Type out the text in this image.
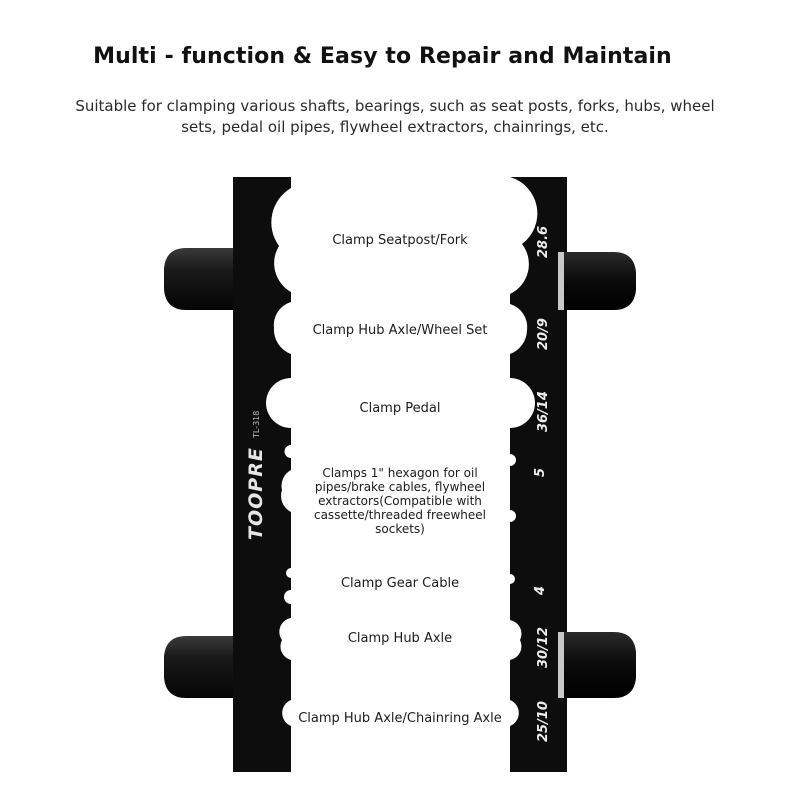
Multi - function & Easy to Repair and Maintain
Suitable for clamping various shafts, bearings, such as seat posts, forks, hubs, wheel sets, pedal oil pipes, flywheel extractors, chainrings, etc.
TOOPRE
TL-318
28.6
20/9
36/14
5
4
30/12
25/10
Clamp Seatpost/Fork
Clamp Hub Axle/Wheel Set
Clamp Pedal
Clamps 1" hexagon for oil pipes/brake cables, flywheel extractors(Compatible with cassette/threaded freewheel sockets)
Clamp Gear Cable
Clamp Hub Axle
Clamp Hub Axle/Chainring Axle
